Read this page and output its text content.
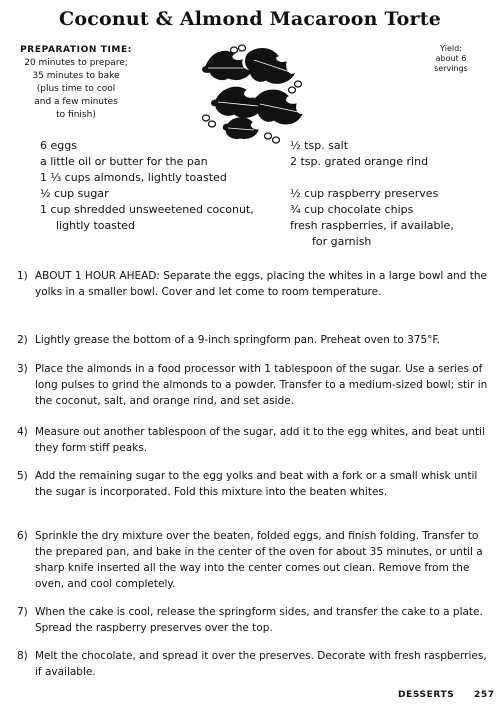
Coconut & Almond Macaroon Torte
PREPARATION TIME:
20 minutes to prepare;
35 minutes to bake
(plus time to cool
and a few minutes
to finish)
Yield:
about 6
servings
6 eggs
a little oil or butter for the pan
1 ⅓ cups almonds, lightly toasted
½ cup sugar
1 cup shredded unsweetened coconut,
lightly toasted
½ tsp. salt
2 tsp. grated orange rind
½ cup raspberry preserves
¾ cup chocolate chips
fresh raspberries, if available,
for garnish
1) ABOUT 1 HOUR AHEAD: Separate the eggs, placing the whites in a large bowl and the yolks in a smaller bowl. Cover and let come to room temperature.
2) Lightly grease the bottom of a 9-inch springform pan. Preheat oven to 375°F.
3) Place the almonds in a food processor with 1 tablespoon of the sugar. Use a series of long pulses to grind the almonds to a powder. Transfer to a medium-sized bowl; stir in the coconut, salt, and orange rind, and set aside.
4) Measure out another tablespoon of the sugar, add it to the egg whites, and beat until they form stiff peaks.
5) Add the remaining sugar to the egg yolks and beat with a fork or a small whisk until the sugar is incorporated. Fold this mixture into the beaten whites.
6) Sprinkle the dry mixture over the beaten, folded eggs, and finish folding. Transfer to the prepared pan, and bake in the center of the oven for about 35 minutes, or until a sharp knife inserted all the way into the center comes out clean. Remove from the oven, and cool completely.
7) When the cake is cool, release the springform sides, and transfer the cake to a plate. Spread the raspberry preserves over the top.
8) Melt the chocolate, and spread it over the preserves. Decorate with fresh raspberries, if available.
DESSERTS 257
